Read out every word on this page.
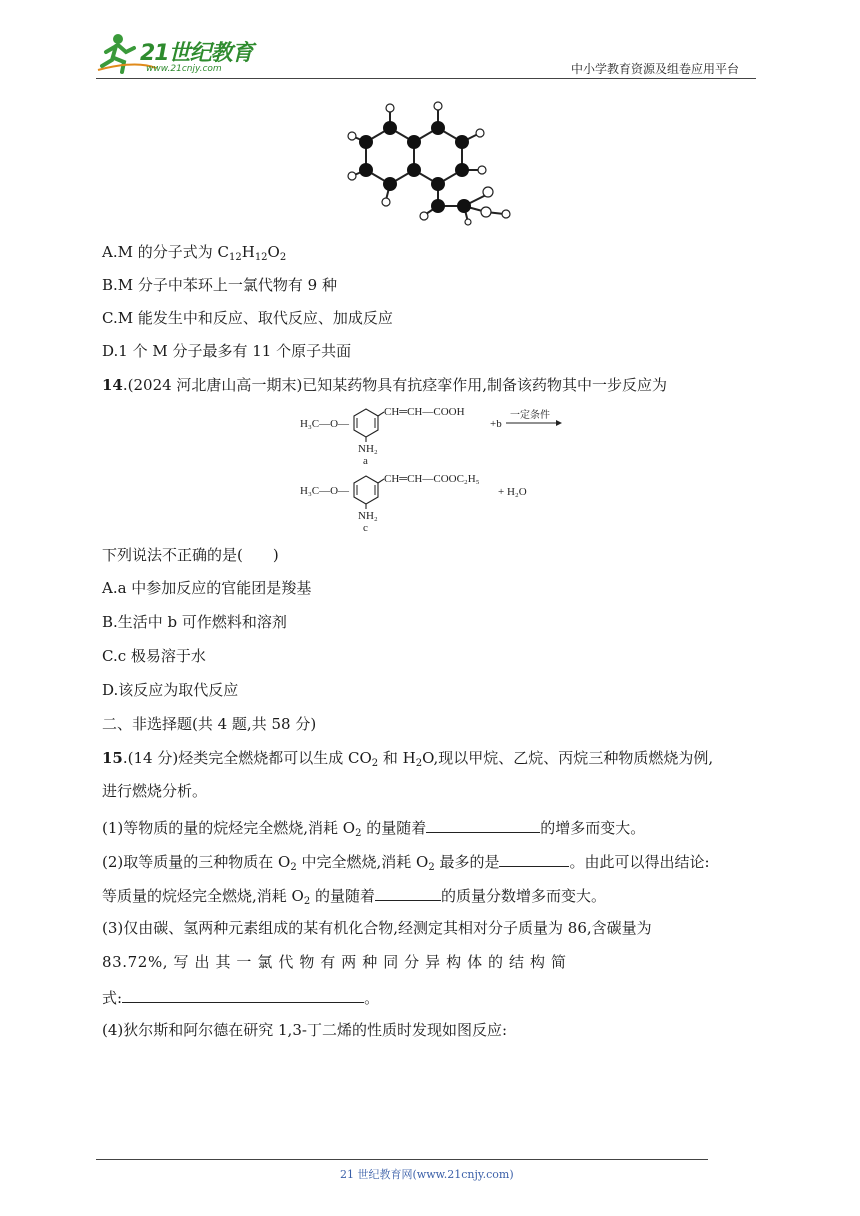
21世纪教育
www.21cnjy.com	中小学教育资源及组卷应用平台
A.M 的分子式为 $C_{12}H_{12}O_2$
B.M 分子中苯环上一氯代物有 9 种
C.M 能发生中和反应、取代反应、加成反应
D.1 个 M 分子最多有 11 个原子共面
14.(2024 河北唐山高一期末)已知某药物具有抗痉挛作用,制备该药物其中一步反应为
H₃C—O—
CH═CH—COOH
NH₂
a
+b
一定条件
H₃C—O—
CH═CH—COOC₂H₅
+ H₂O
NH₂
c
下列说法不正确的是(　　)
A.a 中参加反应的官能团是羧基
B.生活中 b 可作燃料和溶剂
C.c 极易溶于水
D.该反应为取代反应
二、非选择题(共 4 题,共 58 分)
15.(14 分)烃类完全燃烧都可以生成 $CO_2$ 和 $H_2O$,现以甲烷、乙烷、丙烷三种物质燃烧为例,
进行燃烧分析。
(1)等物质的量的烷烃完全燃烧,消耗 $O_2$ 的量随着	的增多而变大。
(2)取等质量的三种物质在 $O_2$ 中完全燃烧,消耗 $O_2$ 最多的是	。由此可以得出结论:
等质量的烷烃完全燃烧,消耗 $O_2$ 的量随着	的质量分数增多而变大。
(3)仅由碳、氢两种元素组成的某有机化合物,经测定其相对分子质量为 86,含碳量为
83.72%, 写 出 其 一 氯 代 物 有 两 种 同 分 异 构 体 的 结 构 简
式:	。
(4)狄尔斯和阿尔德在研究 1,3-丁二烯的性质时发现如图反应:
21 世纪教育网(www.21cnjy.com)
